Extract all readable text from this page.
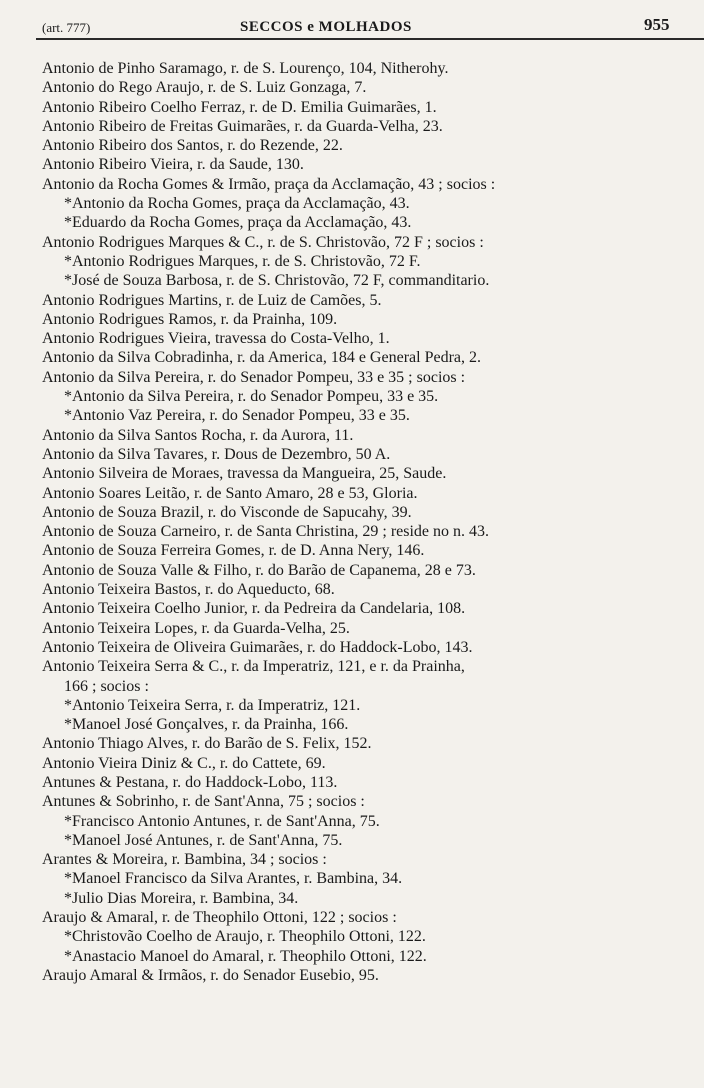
(art. 777)	SECCOS e MOLHADOS	955
Antonio de Pinho Saramago, r. de S. Lourenço, 104, Nitherohy.
Antonio do Rego Araujo, r. de S. Luiz Gonzaga, 7.
Antonio Ribeiro Coelho Ferraz, r. de D. Emilia Guimarães, 1.
Antonio Ribeiro de Freitas Guimarães, r. da Guarda-Velha, 23.
Antonio Ribeiro dos Santos, r. do Rezende, 22.
Antonio Ribeiro Vieira, r. da Saude, 130.
Antonio da Rocha Gomes & Irmão, praça da Acclamação, 43 ; socios :
*Antonio da Rocha Gomes, praça da Acclamação, 43.
*Eduardo da Rocha Gomes, praça da Acclamação, 43.
Antonio Rodrigues Marques & C., r. de S. Christovão, 72 F ; socios :
*Antonio Rodrigues Marques, r. de S. Christovão, 72 F.
*José de Souza Barbosa, r. de S. Christovão, 72 F, commanditario.
Antonio Rodrigues Martins, r. de Luiz de Camões, 5.
Antonio Rodrigues Ramos, r. da Prainha, 109.
Antonio Rodrigues Vieira, travessa do Costa-Velho, 1.
Antonio da Silva Cobradinha, r. da America, 184 e General Pedra, 2.
Antonio da Silva Pereira, r. do Senador Pompeu, 33 e 35 ; socios :
*Antonio da Silva Pereira, r. do Senador Pompeu, 33 e 35.
*Antonio Vaz Pereira, r. do Senador Pompeu, 33 e 35.
Antonio da Silva Santos Rocha, r. da Aurora, 11.
Antonio da Silva Tavares, r. Dous de Dezembro, 50 A.
Antonio Silveira de Moraes, travessa da Mangueira, 25, Saude.
Antonio Soares Leitão, r. de Santo Amaro, 28 e 53, Gloria.
Antonio de Souza Brazil, r. do Visconde de Sapucahy, 39.
Antonio de Souza Carneiro, r. de Santa Christina, 29 ; reside no n. 43.
Antonio de Souza Ferreira Gomes, r. de D. Anna Nery, 146.
Antonio de Souza Valle & Filho, r. do Barão de Capanema, 28 e 73.
Antonio Teixeira Bastos, r. do Aqueducto, 68.
Antonio Teixeira Coelho Junior, r. da Pedreira da Candelaria, 108.
Antonio Teixeira Lopes, r. da Guarda-Velha, 25.
Antonio Teixeira de Oliveira Guimarães, r. do Haddock-Lobo, 143.
Antonio Teixeira Serra & C., r. da Imperatriz, 121, e r. da Prainha,
166 ; socios :
*Antonio Teixeira Serra, r. da Imperatriz, 121.
*Manoel José Gonçalves, r. da Prainha, 166.
Antonio Thiago Alves, r. do Barão de S. Felix, 152.
Antonio Vieira Diniz & C., r. do Cattete, 69.
Antunes & Pestana, r. do Haddock-Lobo, 113.
Antunes & Sobrinho, r. de Sant'Anna, 75 ; socios :
*Francisco Antonio Antunes, r. de Sant'Anna, 75.
*Manoel José Antunes, r. de Sant'Anna, 75.
Arantes & Moreira, r. Bambina, 34 ; socios :
*Manoel Francisco da Silva Arantes, r. Bambina, 34.
*Julio Dias Moreira, r. Bambina, 34.
Araujo & Amaral, r. de Theophilo Ottoni, 122 ; socios :
*Christovão Coelho de Araujo, r. Theophilo Ottoni, 122.
*Anastacio Manoel do Amaral, r. Theophilo Ottoni, 122.
Araujo Amaral & Irmãos, r. do Senador Eusebio, 95.
